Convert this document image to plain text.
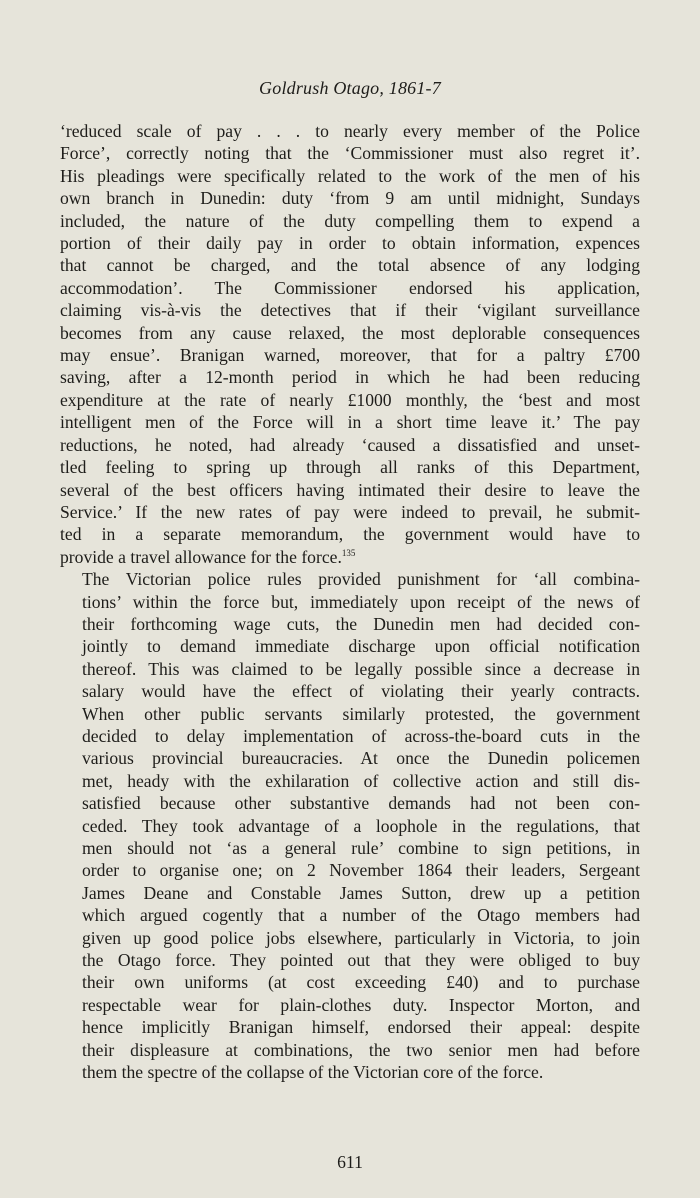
Goldrush Otago, 1861-7

‘reduced scale of pay . . . to nearly every member of the Police
Force’, correctly noting that the ‘Commissioner must also regret it’.
His pleadings were specifically related to the work of the men of his
own branch in Dunedin: duty ‘from 9 am until midnight, Sundays
included, the nature of the duty compelling them to expend a
portion of their daily pay in order to obtain information, expences
that cannot be charged, and the total absence of any lodging
accommodation’. The Commissioner endorsed his application,
claiming vis-à-vis the detectives that if their ‘vigilant surveillance
becomes from any cause relaxed, the most deplorable consequences
may ensue’. Branigan warned, moreover, that for a paltry £700
saving, after a 12-month period in which he had been reducing
expenditure at the rate of nearly £1000 monthly, the ‘best and most
intelligent men of the Force will in a short time leave it.’ The pay
reductions, he noted, had already ‘caused a dissatisfied and unset-
tled feeling to spring up through all ranks of this Department,
several of the best officers having intimated their desire to leave the
Service.’ If the new rates of pay were indeed to prevail, he submit-
ted in a separate memorandum, the government would have to
provide a travel allowance for the force.$^{135}$

The Victorian police rules provided punishment for ‘all combina-
tions’ within the force but, immediately upon receipt of the news of
their forthcoming wage cuts, the Dunedin men had decided con-
jointly to demand immediate discharge upon official notification
thereof. This was claimed to be legally possible since a decrease in
salary would have the effect of violating their yearly contracts.
When other public servants similarly protested, the government
decided to delay implementation of across-the-board cuts in the
various provincial bureaucracies. At once the Dunedin policemen
met, heady with the exhilaration of collective action and still dis-
satisfied because other substantive demands had not been con-
ceded. They took advantage of a loophole in the regulations, that
men should not ‘as a general rule’ combine to sign petitions, in
order to organise one; on 2 November 1864 their leaders, Sergeant
James Deane and Constable James Sutton, drew up a petition
which argued cogently that a number of the Otago members had
given up good police jobs elsewhere, particularly in Victoria, to join
the Otago force. They pointed out that they were obliged to buy
their own uniforms (at cost exceeding £40) and to purchase
respectable wear for plain-clothes duty. Inspector Morton, and
hence implicitly Branigan himself, endorsed their appeal: despite
their displeasure at combinations, the two senior men had before
them the spectre of the collapse of the Victorian core of the force.

611
